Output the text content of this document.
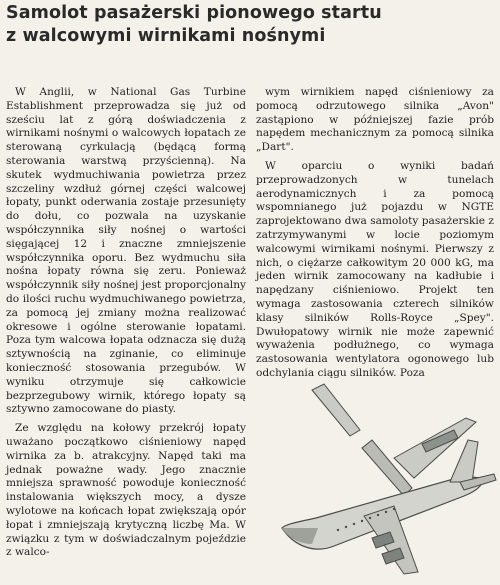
Samolot pasażerski pionowego startu
z walcowymi wirnikami nośnymi

W Anglii, w National Gas Turbine Establishment przeprowadza się już od sześciu lat z górą doświadczenia z wirnikami nośnymi o walcowych łopatach ze sterowaną cyrkulacją (będącą formą sterowania warstwą przyścienną). Na skutek wydmuchiwania powietrza przez szczeliny wzdłuż górnej części walcowej łopaty, punkt oderwania zostaje przesunięty do dołu, co pozwala na uzyskanie współczynnika siły nośnej o wartości sięgającej 12 i znaczne zmniejszenie współczynnika oporu. Bez wydmuchu siła nośna łopaty równa się zeru. Ponieważ współczynnik siły nośnej jest proporcjonalny do ilości ruchu wydmuchiwanego powietrza, za pomocą jej zmiany można realizować okresowe i ogólne sterowanie łopatami. Poza tym walcowa łopata odznacza się dużą sztywnością na zginanie, co eliminuje konieczność stosowania przegubów. W wyniku otrzymuje się całkowicie bezprzegubowy wirnik, którego łopaty są sztywno zamocowane do piasty.

Ze względu na kołowy przekrój łopaty uważano początkowo ciśnieniowy napęd wirnika za b. atrakcyjny. Napęd taki ma jednak poważne wady. Jego znacznie mniejsza sprawność powoduje konieczność instalowania większych mocy, a dysze wylotowe na końcach łopat zwiększają opór łopat i zmniejszają krytyczną liczbę Ma. W związku z tym w doświadczalnym pojeździe z walco-

wym wirnikiem napęd ciśnieniowy za pomocą odrzutowego silnika „Avon" zastąpiono w późniejszej fazie prób napędem mechanicznym za pomocą silnika „Dart".

W oparciu o wyniki badań przeprowadzonych w tunelach aerodynamicznych i za pomocą wspomnianego już pojazdu w NGTE zaprojektowano dwa samoloty pasażerskie z zatrzymywanymi w locie poziomym walcowymi wirnikami nośnymi. Pierwszy z nich, o ciężarze całkowitym 20 000 kG, ma jeden wirnik zamocowany na kadłubie i napędzany ciśnieniowo. Projekt ten wymaga zastosowania czterech silników klasy silników Rolls-Royce „Spey". Dwułopatowy wirnik nie może zapewnić wyważenia podłużnego, co wymaga zastosowania wentylatora ogonowego lub odchylania ciągu silników. Poza
